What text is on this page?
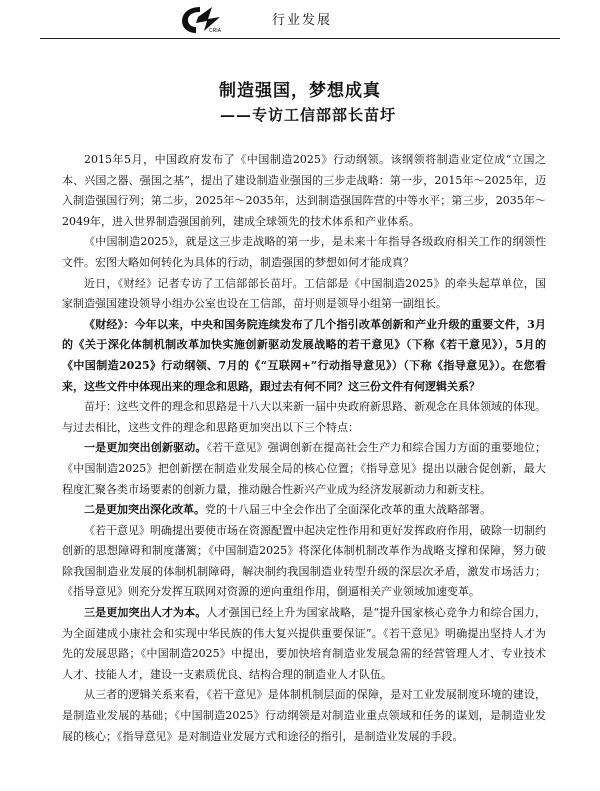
CRIA
行业发展
制造强国，梦想成真
——专访工信部部长苗圩

2015年5月，中国政府发布了《中国制造2025》行动纲领。该纲领将制造业定位成“立国之本、兴国之器、强国之基”，提出了建设制造业强国的三步走战略：第一步，2015年～2025年，迈入制造强国行列；第二步，2025年～2035年，达到制造强国阵营的中等水平；第三步，2035年～2049年，进入世界制造强国前列，建成全球领先的技术体系和产业体系。

《中国制造2025》，就是这三步走战略的第一步，是未来十年指导各级政府相关工作的纲领性文件。宏图大略如何转化为具体的行动，制造强国的梦想如何才能成真？

近日，《财经》记者专访了工信部部长苗圩。工信部是《中国制造2025》的牵头起草单位，国家制造强国建设领导小组办公室也设在工信部，苗圩则是领导小组第一副组长。

《财经》：今年以来，中央和国务院连续发布了几个指引改革创新和产业升级的重要文件，3月的《关于深化体制机制改革加快实施创新驱动发展战略的若干意见》（下称《若干意见》），5月的《中国制造2025》行动纲领、7月的《“互联网+”行动指导意见》）（下称《指导意见》）。在您看来，这些文件中体现出来的理念和思路，跟过去有何不同？这三份文件有何逻辑关系？

苗圩：这些文件的理念和思路是十八大以来新一届中央政府新思路、新观念在具体领域的体现。与过去相比，这些文件的理念和思路更加突出以下三个特点：

一是更加突出创新驱动。《若干意见》强调创新在提高社会生产力和综合国力方面的重要地位；《中国制造2025》把创新摆在制造业发展全局的核心位置；《指导意见》提出以融合促创新，最大程度汇聚各类市场要素的创新力量，推动融合性新兴产业成为经济发展新动力和新支柱。

二是更加突出深化改革。党的十八届三中全会作出了全面深化改革的重大战略部署。

《若干意见》明确提出要使市场在资源配置中起决定性作用和更好发挥政府作用，破除一切制约创新的思想障碍和制度藩篱；《中国制造2025》将深化体制机制改革作为战略支撑和保障，努力破除我国制造业发展的体制机制障碍，解决制约我国制造业转型升级的深层次矛盾，激发市场活力；《指导意见》则充分发挥互联网对资源的逆向重组作用，倒逼相关产业领域加速变革。

三是更加突出人才为本。人才强国已经上升为国家战略，是“提升国家核心竞争力和综合国力，为全面建成小康社会和实现中华民族的伟大复兴提供重要保证”。《若干意见》明确提出坚持人才为先的发展思路；《中国制造2025》中提出，要加快培育制造业发展急需的经营管理人才、专业技术人才、技能人才，建设一支素质优良、结构合理的制造业人才队伍。

从三者的逻辑关系来看，《若干意见》是体制机制层面的保障，是对工业发展制度环境的建设，是制造业发展的基础；《中国制造2025》行动纲领是对制造业重点领域和任务的谋划，是制造业发展的核心；《指导意见》是对制造业发展方式和途径的指引，是制造业发展的手段。
